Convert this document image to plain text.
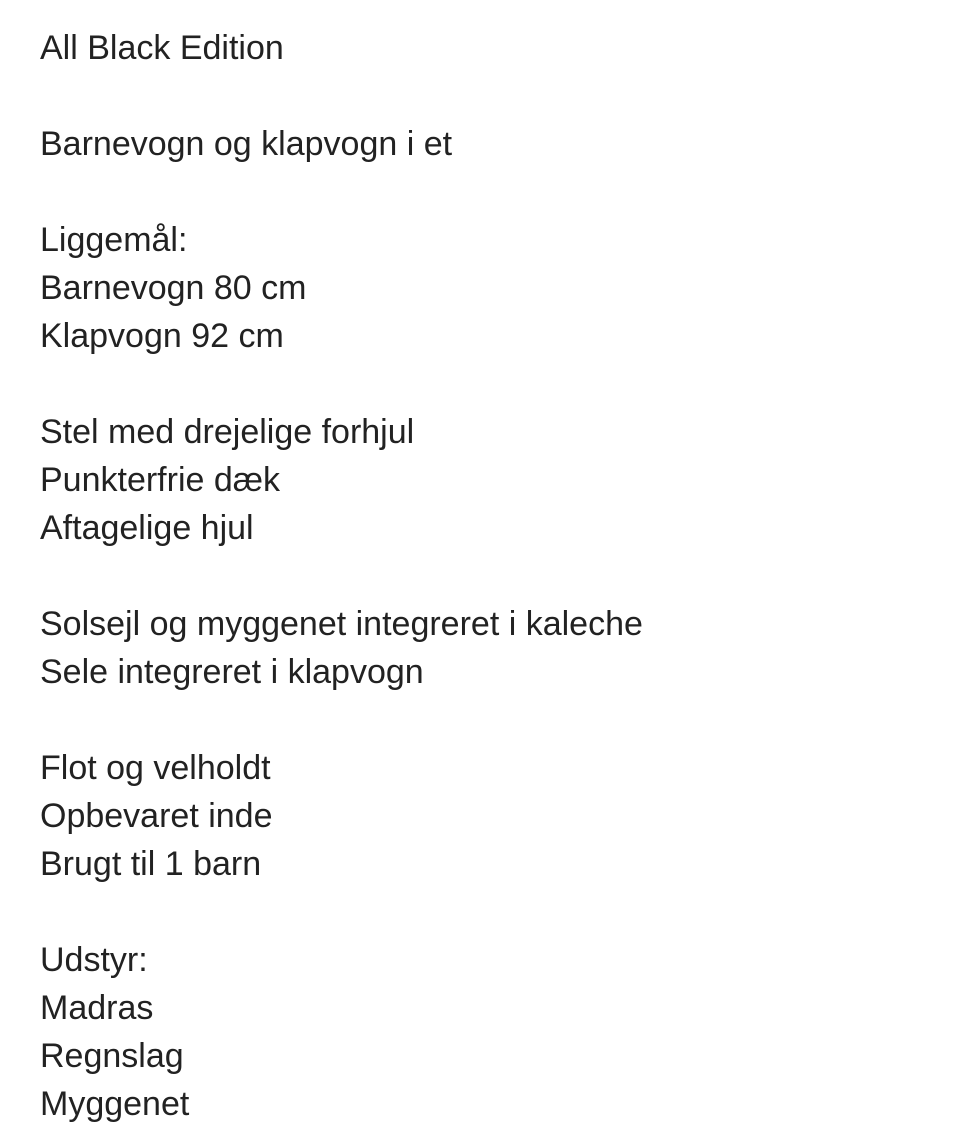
All Black Edition
Barnevogn og klapvogn i et
Liggemål:
Barnevogn 80 cm
Klapvogn 92 cm
Stel med drejelige forhjul
Punkterfrie dæk
Aftagelige hjul
Solsejl og myggenet integreret i kaleche
Sele integreret i klapvogn
Flot og velholdt
Opbevaret inde
Brugt til 1 barn
Udstyr:
Madras
Regnslag
Myggenet
